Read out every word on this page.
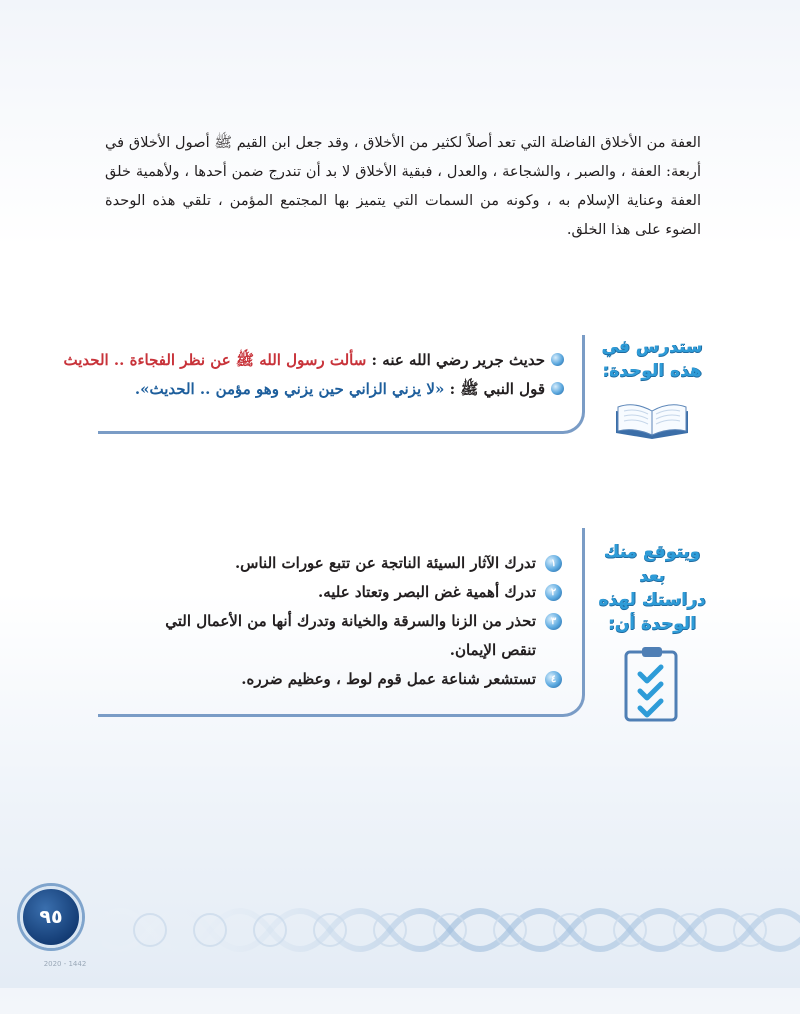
العفة من الأخلاق الفاضلة التي تعد أصلاً لكثير من الأخلاق ، وقد جعل ابن القيم ﷺ أصول الأخلاق في أربعة: العفة ، والصبر ، والشجاعة ، والعدل ، فبقية الأخلاق لا بد أن تندرج ضمن أحدها ، ولأهمية خلق العفة وعناية الإسلام به ، وكونه من السمات التي يتميز بها المجتمع المؤمن ، تلقي هذه الوحدة الضوء على هذا الخلق.

ستدرس في
هذه الوحدة:
حديث جرير رضي الله عنه : سألت رسول الله ﷺ عن نظر الفجاءة .. الحديث
قول النبي ﷺ : «لا يزني الزاني حين يزني وهو مؤمن .. الحديث».
ويتوقع منك بعد
دراستك لهذه
الوحدة أن:
١
تدرك الآثار السيئة الناتجة عن تتبع عورات الناس.
٢
تدرك أهمية غض البصر وتعتاد عليه.
٣
تحذر من الزنا والسرقة والخيانة وتدرك أنها من الأعمال التي
تنقص الإيمان.
٤
تستشعر شناعة عمل قوم لوط ، وعظيم ضرره.
٩٥
2020 - 1442
